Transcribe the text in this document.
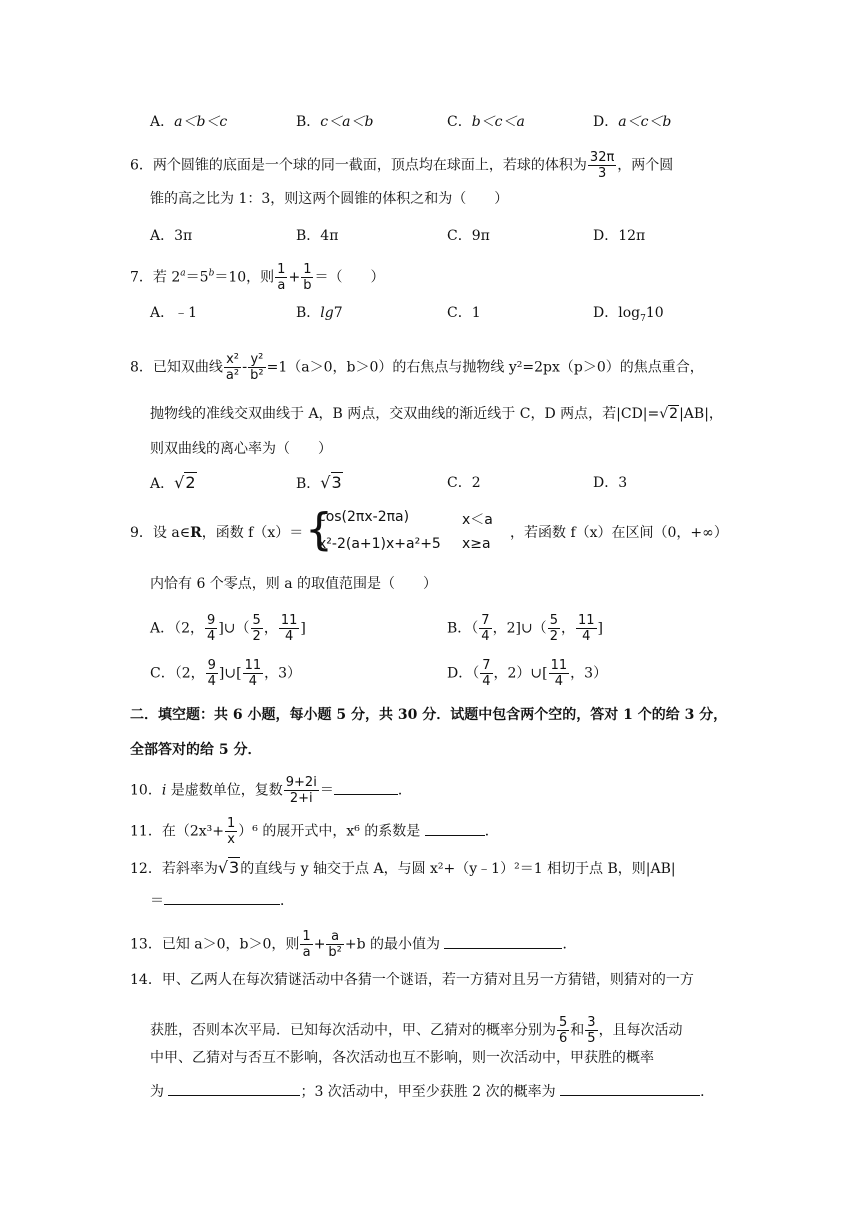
A．a＜b＜c	B．c＜a＜b	C．b＜c＜a	D．a＜c＜b
6．两个圆锥的底面是一个球的同一截面，顶点均在球面上，若球的体积为 $\frac{32\pi}{3}$ ，两个圆
锥的高之比为 1：3，则这两个圆锥的体积之和为（　　）
A．3π	B．4π	C．9π	D．12π
7．若 $2^a=5^b=10$，则 $\frac{1}{a} + \frac{1}{b}$ ＝（　　）
A．﹣1	B．lg7	C．1	D．$\log_710$
8．已知双曲线 $\frac{\text{x²}}{\text{a²}} - \frac{\text{y²}}{\text{b²}} =1(a>0$，b＞0）的右焦点与抛物线 y²=2px（p＞0）的焦点重合，
抛物线的准线交双曲线于 A，B 两点，交双曲线的渐近线于 C，D 两点，若|CD|=√2|AB|，
则双曲线的离心率为（　　）
A．√2	B．√3	C．2	D．3
9．设 a∈R，函数 f（x）＝ {
cos(2πx-2πa)	x＜a
x²-2(a+1)x+a²+5 x≥a
，若函数 f（x）在区间（0，+∞）
内恰有 6 个零点，则 a 的取值范围是（　　）
A．（2， $\frac{9}{4}$ ]∪（ $\frac{5}{2}$ ， $\frac{11}{4}$ ]	B．（ $\frac{7}{4}$ ，2]∪（ $\frac{5}{2}$ ， $\frac{11}{4}$ ]
C．（2， $\frac{9}{4}$ ]∪[ $\frac{11}{4}$ ，3）	D．（ $\frac{7}{4}$ ，2）∪[ $\frac{11}{4}$ ，3）
二．填空题：共 6 小题，每小题 5 分，共 30 分．试题中包含两个空的，答对 1 个的给 3 分，
全部答对的给 5 分．
10．i 是虚数单位，复数 $\frac{9+2i}{2+i}$ ＝	．
11．在$(2x^3+ \frac{1}{x} )^6$ 的展开式中，x⁶ 的系数是	．
12．若斜率为√3的直线与 y 轴交于点 A，与圆 x²+（y﹣1）²＝1 相切于点 B，则|AB|
＝	．
13．已知 a＞0，b＞0，则 $\frac{1}{a} + \frac{a}{\text{b²}} +b$ 的最小值为	．
14．甲、乙两人在每次猜谜活动中各猜一个谜语，若一方猜对且另一方猜错，则猜对的一方
获胜，否则本次平局．已知每次活动中，甲、乙猜对的概率分别为 $\frac{5}{6}$ 和 $\frac{3}{5}$ ，且每次活动
中甲、乙猜对与否互不影响，各次活动也互不影响，则一次活动中，甲获胜的概率
为	；3 次活动中，甲至少获胜 2 次的概率为	．
